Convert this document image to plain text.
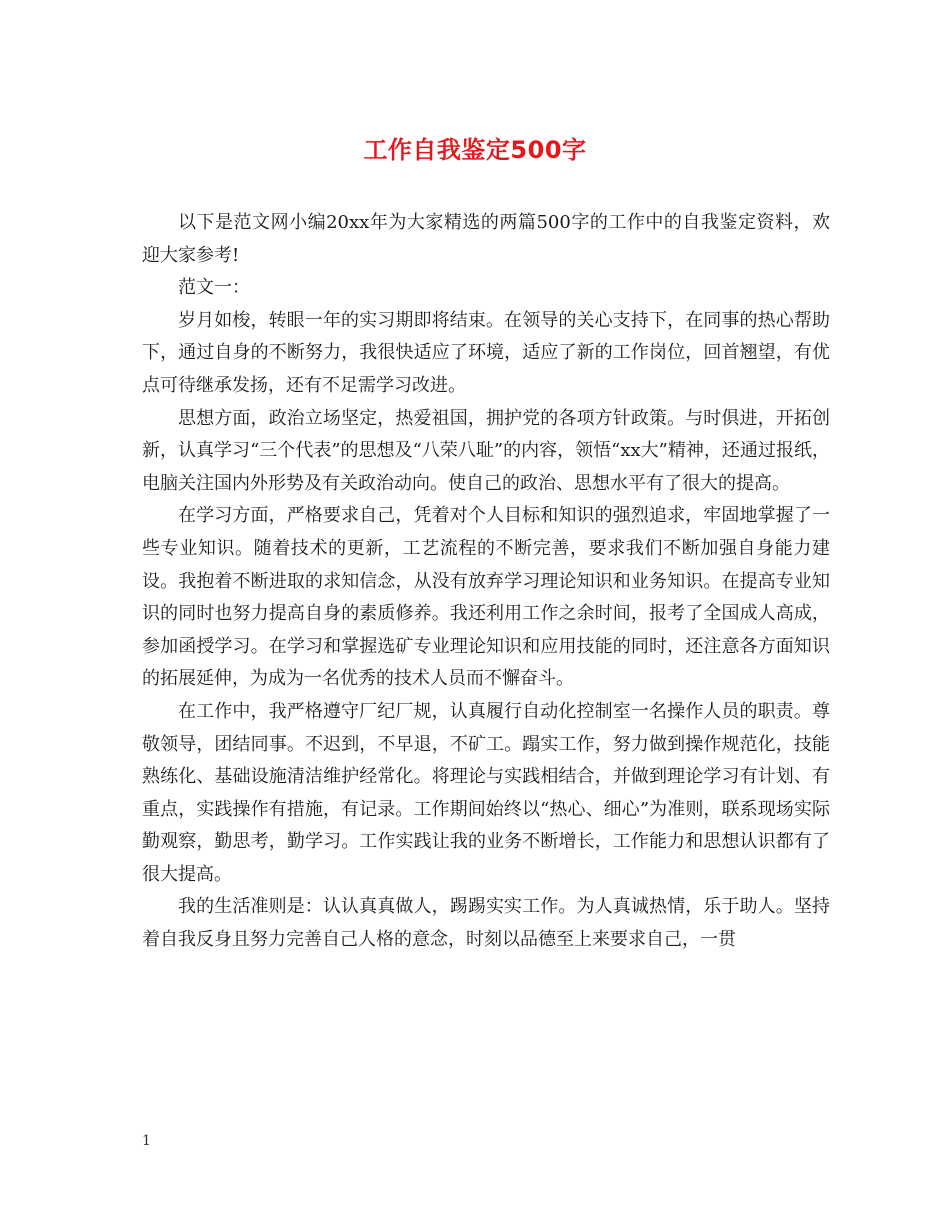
工作自我鉴定500字

以下是范文网小编20xx年为大家精选的两篇500字的工作中的自我鉴定资料，欢迎大家参考!

范文一：

岁月如梭，转眼一年的实习期即将结束。在领导的关心支持下，在同事的热心帮助下，通过自身的不断努力，我很快适应了环境，适应了新的工作岗位，回首翘望，有优点可待继承发扬，还有不足需学习改进。

思想方面，政治立场坚定，热爱祖国，拥护党的各项方针政策。与时俱进，开拓创新，认真学习“三个代表”的思想及“八荣八耻”的内容，领悟“xx大”精神，还通过报纸，电脑关注国内外形势及有关政治动向。使自己的政治、思想水平有了很大的提高。

在学习方面，严格要求自己，凭着对个人目标和知识的强烈追求，牢固地掌握了一些专业知识。随着技术的更新，工艺流程的不断完善，要求我们不断加强自身能力建设。我抱着不断进取的求知信念，从没有放弃学习理论知识和业务知识。在提高专业知识的同时也努力提高自身的素质修养。我还利用工作之余时间，报考了全国成人高成，参加函授学习。在学习和掌握选矿专业理论知识和应用技能的同时，还注意各方面知识的拓展延伸，为成为一名优秀的技术人员而不懈奋斗。

在工作中，我严格遵守厂纪厂规，认真履行自动化控制室一名操作人员的职责。尊敬领导，团结同事。不迟到，不早退，不矿工。蹋实工作，努力做到操作规范化，技能熟练化、基础设施清洁维护经常化。将理论与实践相结合，并做到理论学习有计划、有重点，实践操作有措施，有记录。工作期间始终以“热心、细心”为准则，联系现场实际勤观察，勤思考，勤学习。工作实践让我的业务不断增长，工作能力和思想认识都有了很大提高。

我的生活准则是：认认真真做人，踢踢实实工作。为人真诚热情，乐于助人。坚持着自我反身且努力完善自己人格的意念，时刻以品德至上来要求自己，一贯

1
